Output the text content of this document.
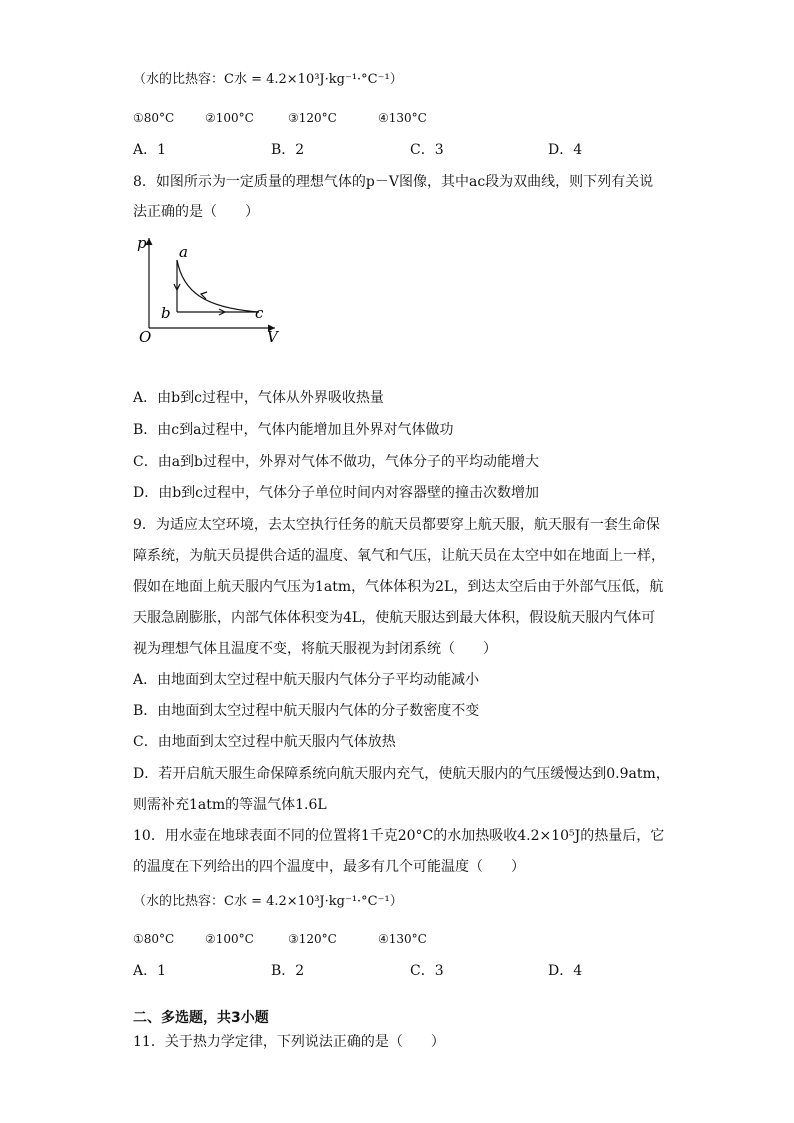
（水的比热容：C水 = 4.2×10³J·kg⁻¹·°C⁻¹）
①80°C	②100°C	③120°C	④130°C
A．1	B．2	C．3	D．4
8．如图所示为一定质量的理想气体的p－V图像，其中ac段为双曲线，则下列有关说
法正确的是（　　）
p
V
O
a
b	c
A．由b到c过程中，气体从外界吸收热量
B．由c到a过程中，气体内能增加且外界对气体做功
C．由a到b过程中，外界对气体不做功，气体分子的平均动能增大
D．由b到c过程中，气体分子单位时间内对容器壁的撞击次数增加
9．为适应太空环境，去太空执行任务的航天员都要穿上航天服，航天服有一套生命保
障系统，为航天员提供合适的温度、氧气和气压，让航天员在太空中如在地面上一样，
假如在地面上航天服内气压为1atm，气体体积为2L，到达太空后由于外部气压低，航
天服急剧膨胀，内部气体体积变为4L，使航天服达到最大体积，假设航天服内气体可
视为理想气体且温度不变，将航天服视为封闭系统（　　）
A．由地面到太空过程中航天服内气体分子平均动能减小
B．由地面到太空过程中航天服内气体的分子数密度不变
C．由地面到太空过程中航天服内气体放热
D．若开启航天服生命保障系统向航天服内充气，使航天服内的气压缓慢达到0.9atm，
则需补充1atm的等温气体1.6L
10．用水壶在地球表面不同的位置将1千克20°C的水加热吸收4.2×10⁵J的热量后，它
的温度在下列给出的四个温度中，最多有几个可能温度（　　）
（水的比热容：C水 = 4.2×10³J·kg⁻¹·°C⁻¹）
①80°C	②100°C	③120°C	④130°C
A．1	B．2	C．3	D．4
二、多选题，共3小题
11．关于热力学定律，下列说法正确的是（　　）
